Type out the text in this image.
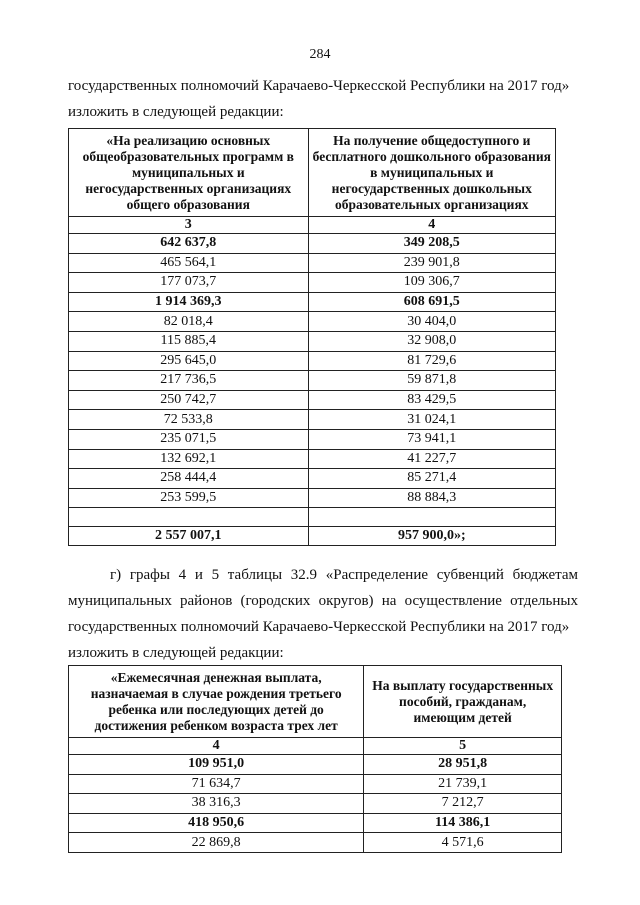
284
государственных полномочий Карачаево-Черкесской Республики на 2017 год»
изложить в следующей редакции:
«На реализацию основных общеобразовательных программ в муниципальных и негосударственных организациях общего образования	На получение общедоступного и бесплатного дошкольного образования в муниципальных и негосударственных дошкольных образовательных организациях
3	4
642 637,8	349 208,5
465 564,1	239 901,8
177 073,7	109 306,7
1 914 369,3	608 691,5
82 018,4	30 404,0
115 885,4	32 908,0
295 645,0	81 729,6
217 736,5	59 871,8
250 742,7	83 429,5
72 533,8	31 024,1
235 071,5	73 941,1
132 692,1	41 227,7
258 444,4	85 271,4
253 599,5	88 884,3

2 557 007,1	957 900,0»;
г) графы 4 и 5 таблицы 32.9 «Распределение субвенций бюджетам
муниципальных районов (городских округов) на осуществление отдельных
государственных полномочий Карачаево-Черкесской Республики на 2017 год»
изложить в следующей редакции:
«Ежемесячная денежная выплата, назначаемая в случае рождения третьего ребенка или последующих детей до достижения ребенком возраста трех лет	На выплату государственных пособий, гражданам, имеющим детей
4	5
109 951,0	28 951,8
71 634,7	21 739,1
38 316,3	7 212,7
418 950,6	114 386,1
22 869,8	4 571,6
